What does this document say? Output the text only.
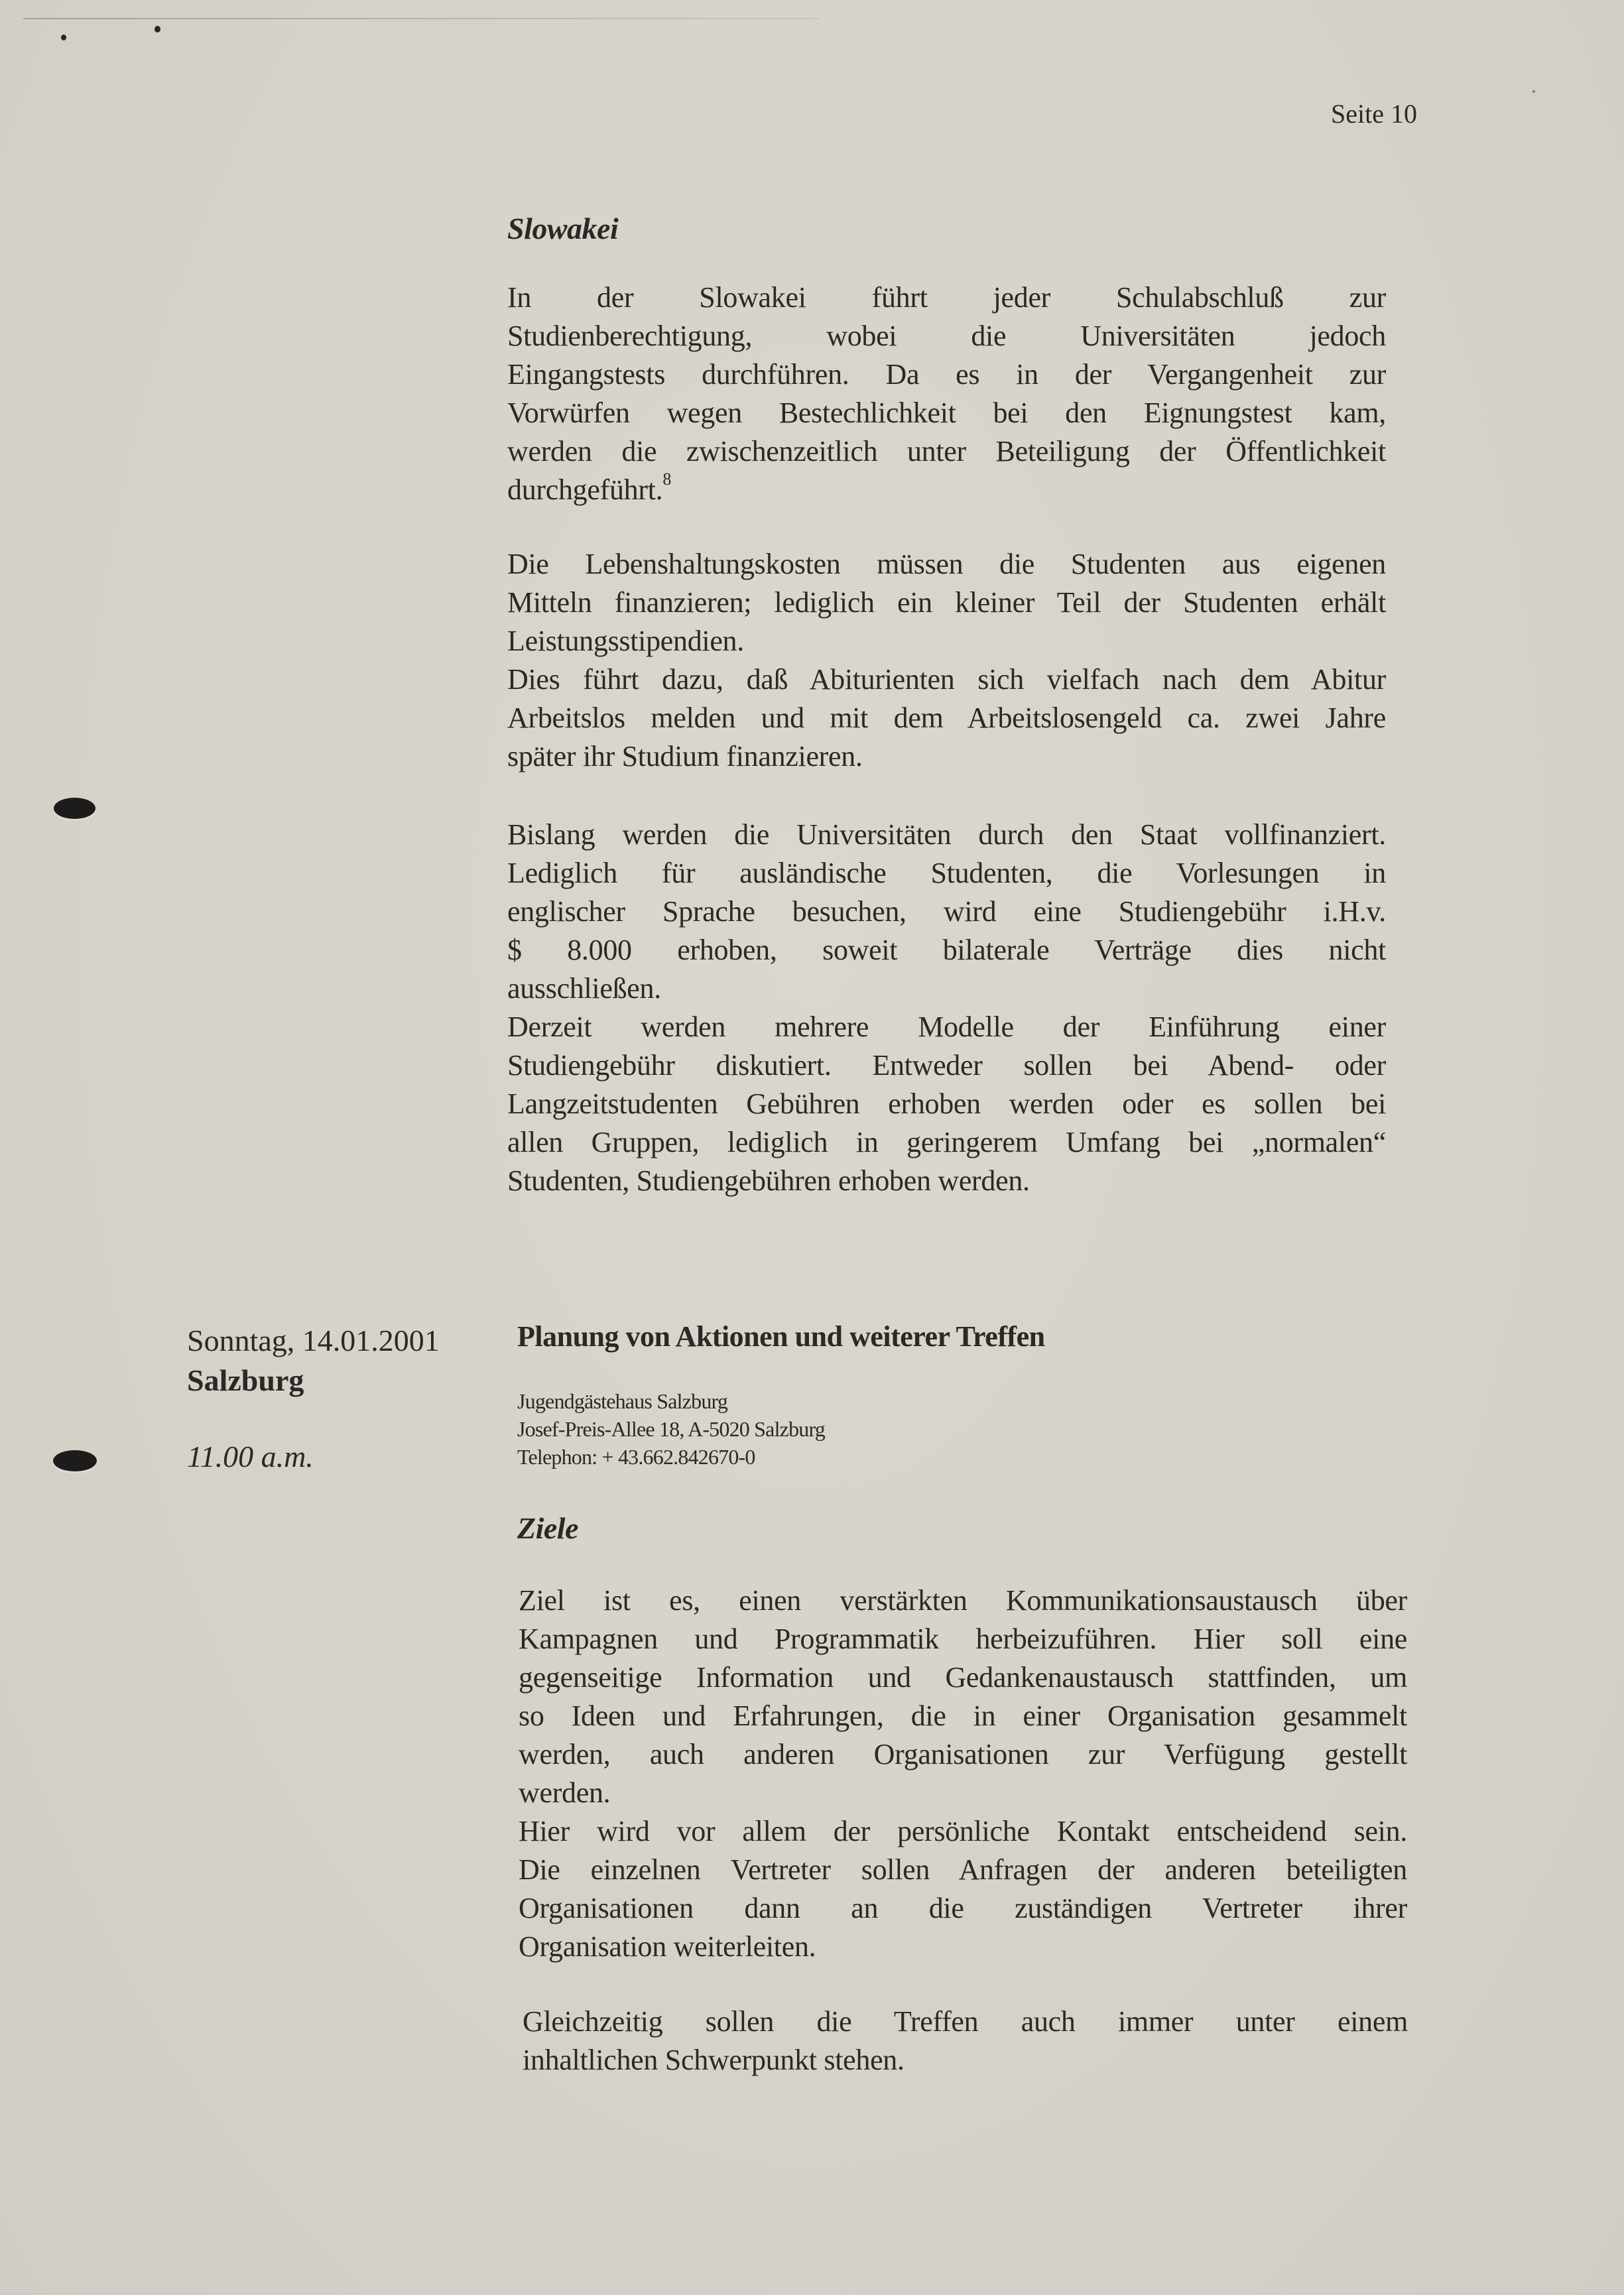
Seite 10
Slowakei
In der Slowakei führt jeder Schulabschluß zur
Studienberechtigung, wobei die Universitäten jedoch
Eingangstests durchführen. Da es in der Vergangenheit zur
Vorwürfen wegen Bestechlichkeit bei den Eignungstest kam,
werden die zwischenzeitlich unter Beteiligung der Öffentlichkeit
durchgeführt.$^8$
Die Lebenshaltungskosten müssen die Studenten aus eigenen
Mitteln finanzieren; lediglich ein kleiner Teil der Studenten erhält
Leistungsstipendien.
Dies führt dazu, daß Abiturienten sich vielfach nach dem Abitur
Arbeitslos melden und mit dem Arbeitslosengeld ca. zwei Jahre
später ihr Studium finanzieren.
Bislang werden die Universitäten durch den Staat vollfinanziert.
Lediglich für ausländische Studenten, die Vorlesungen in
englischer Sprache besuchen, wird eine Studiengebühr i.H.v.
$ 8.000 erhoben, soweit bilaterale Verträge dies nicht
ausschließen.
Derzeit werden mehrere Modelle der Einführung einer
Studiengebühr diskutiert. Entweder sollen bei Abend- oder
Langzeitstudenten Gebühren erhoben werden oder es sollen bei
allen Gruppen, lediglich in geringerem Umfang bei „normalen“
Studenten, Studiengebühren erhoben werden.
Sonntag, 14.01.2001
Salzburg
11.00 a.m.
Planung von Aktionen und weiterer Treffen
Jugendgästehaus Salzburg
Josef-Preis-Allee 18, A-5020 Salzburg
Telephon: + 43.662.842670-0
Ziele
Ziel ist es, einen verstärkten Kommunikationsaustausch über
Kampagnen und Programmatik herbeizuführen. Hier soll eine
gegenseitige Information und Gedankenaustausch stattfinden, um
so Ideen und Erfahrungen, die in einer Organisation gesammelt
werden, auch anderen Organisationen zur Verfügung gestellt
werden.
Hier wird vor allem der persönliche Kontakt entscheidend sein.
Die einzelnen Vertreter sollen Anfragen der anderen beteiligten
Organisationen dann an die zuständigen Vertreter ihrer
Organisation weiterleiten.
Gleichzeitig sollen die Treffen auch immer unter einem
inhaltlichen Schwerpunkt stehen.
